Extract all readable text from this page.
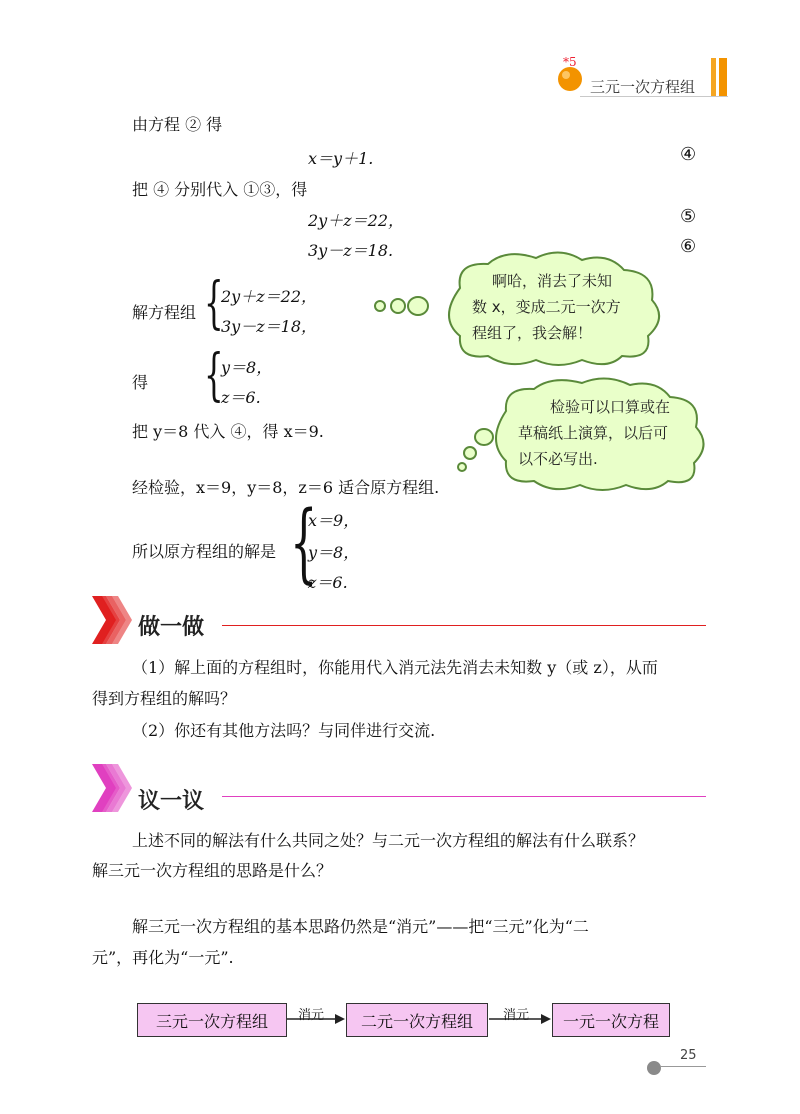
*5
三元一次方程组
由方程 ② 得
x＝y＋1.	④
把 ④ 分别代入 ①③，得
2y＋z＝22，	⑤
3y－z＝18.	⑥
解方程组 {
2y＋z＝22，
3y－z＝18，
得 {
y＝8，
z＝6.
把 y＝8 代入 ④，得 x＝9.
经检验，x＝9，y＝8，z＝6 适合原方程组.
所以原方程组的解是 {
x＝9，
y＝8，
z＝6.
啊哈，消去了未知
数 x，变成二元一次方
程组了，我会解！
检验可以口算或在
草稿纸上演算，以后可
以不必写出.
做一做
（1）解上面的方程组时，你能用代入消元法先消去未知数 y（或 z），从而
得到方程组的解吗？
（2）你还有其他方法吗？与同伴进行交流.
议一议
上述不同的解法有什么共同之处？与二元一次方程组的解法有什么联系？
解三元一次方程组的思路是什么？
解三元一次方程组的基本思路仍然是“消元”——把“三元”化为“二
元”，再化为“一元”.
三元一次方程组	消元	二元一次方程组	消元	一元一次方程
25
